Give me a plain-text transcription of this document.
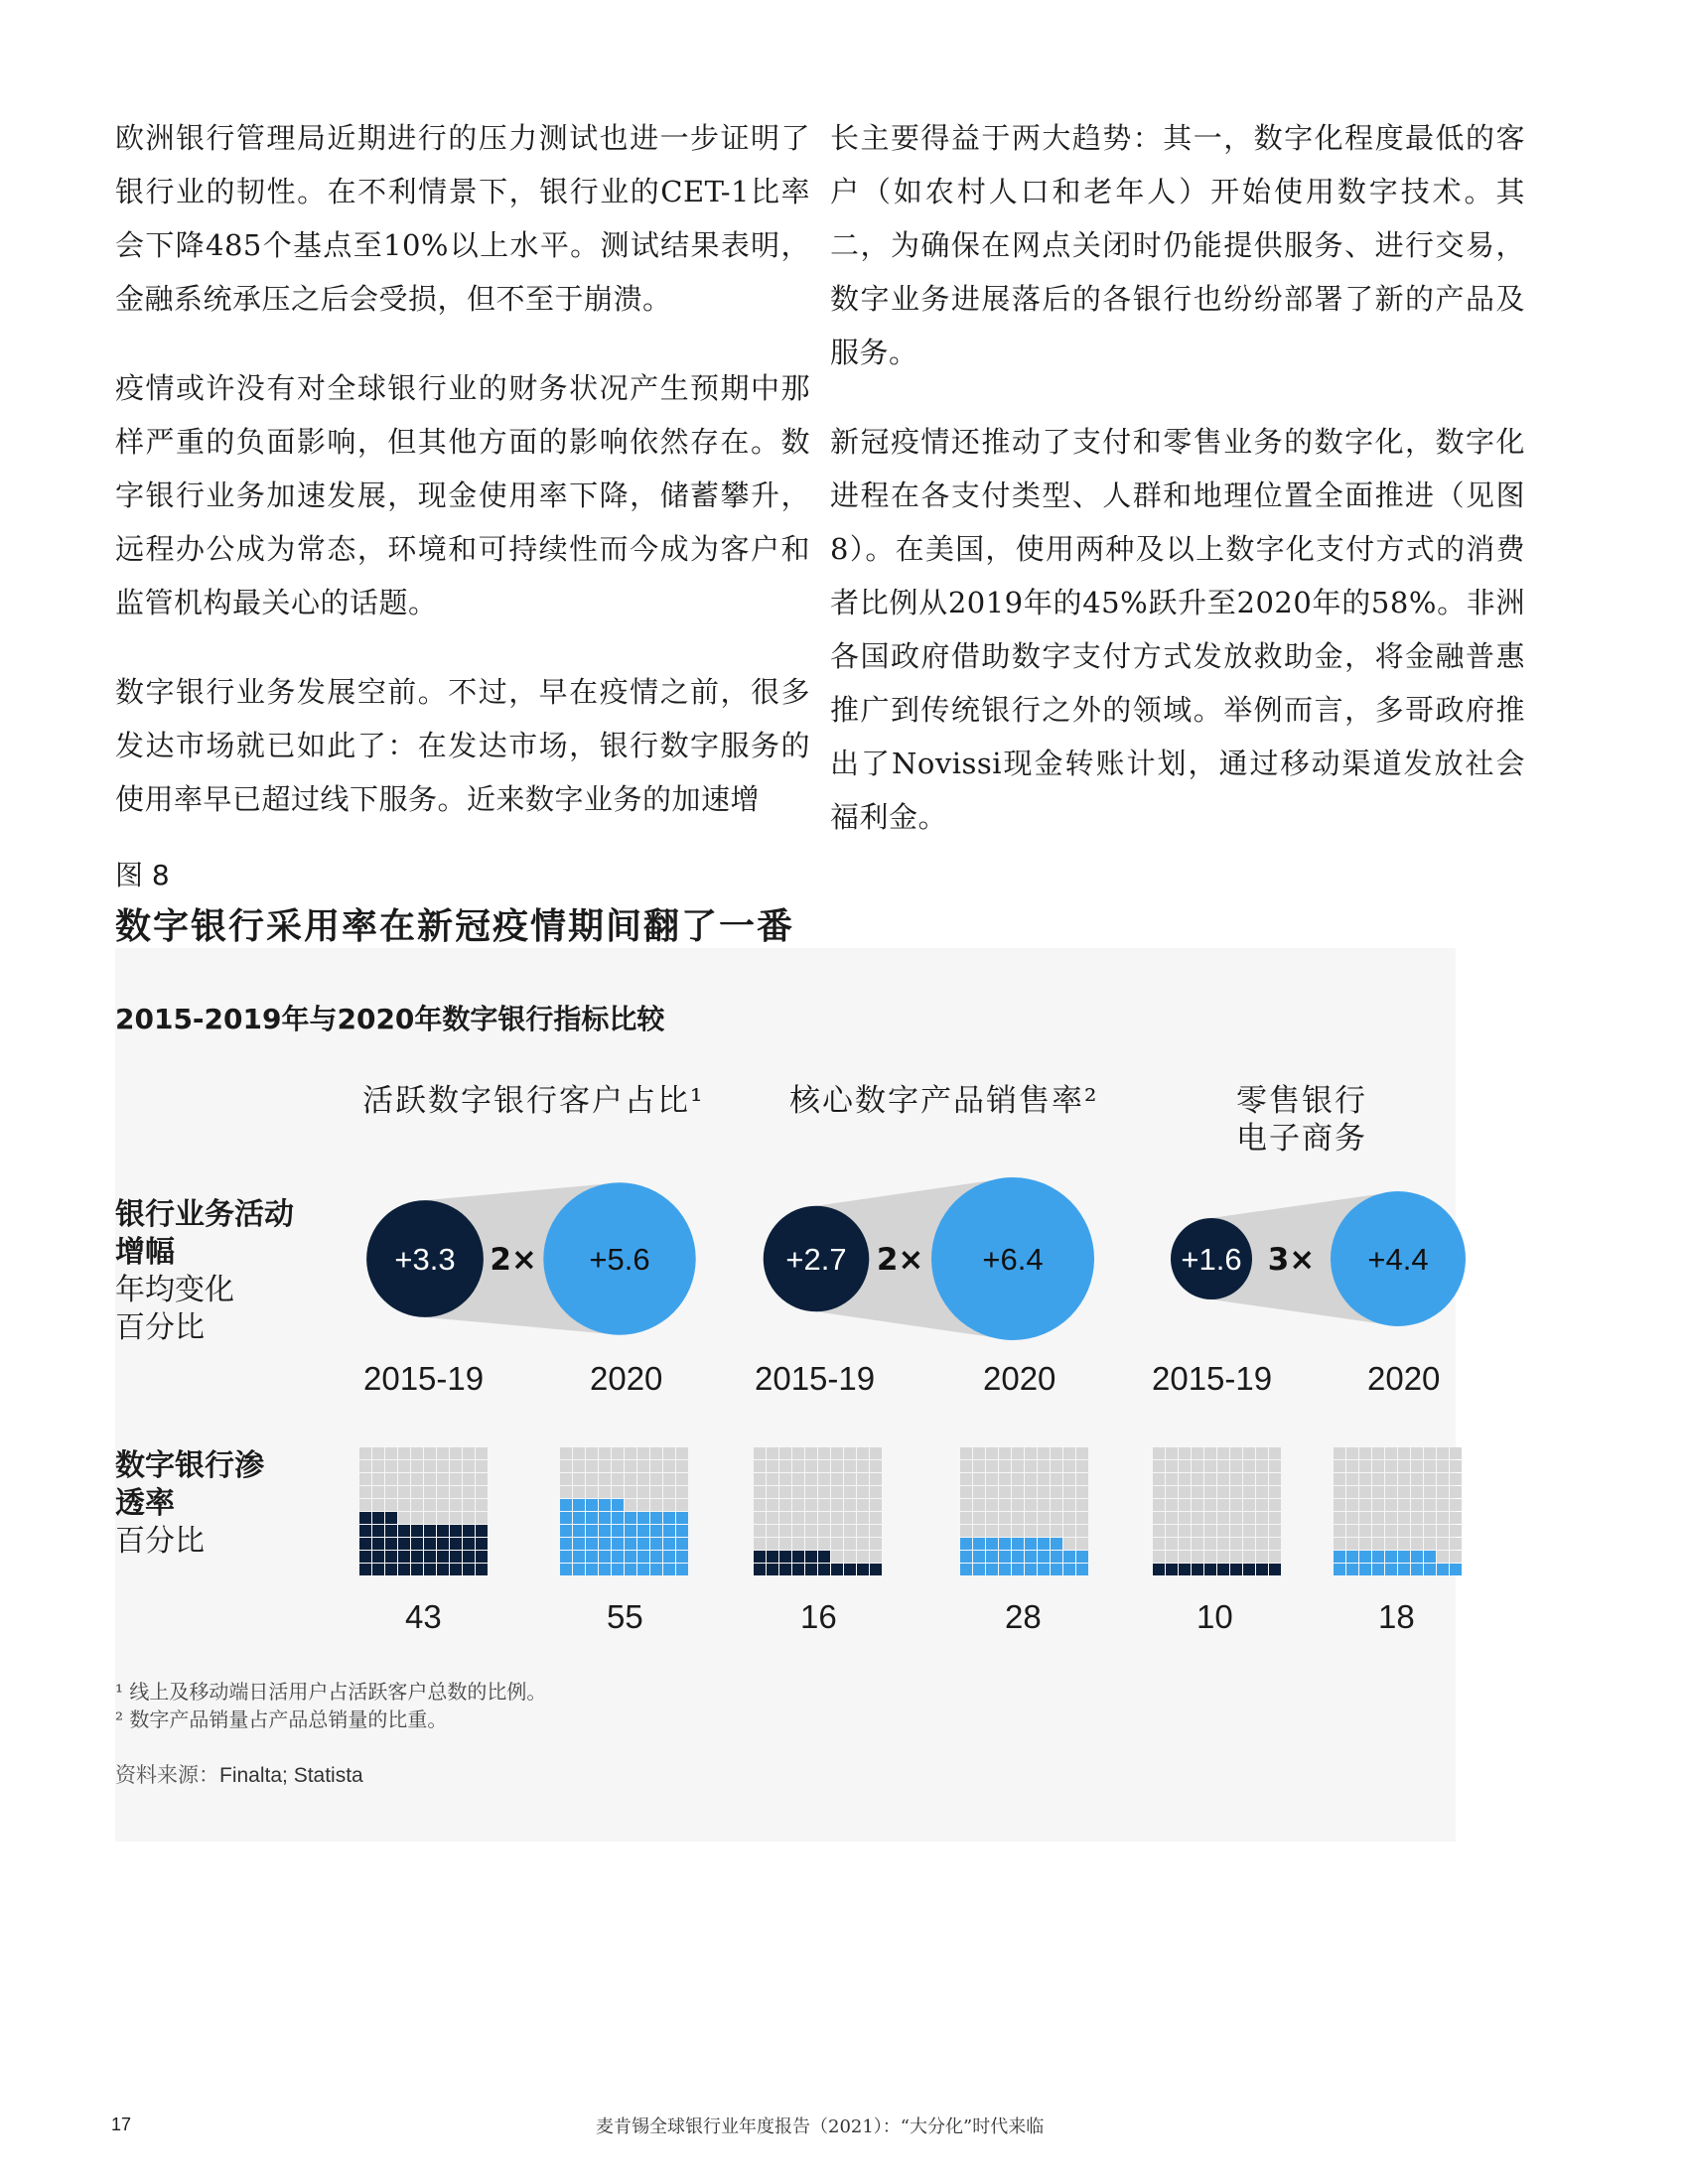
欧洲银行管理局近期进行的压力测试也进一步证明了银行业的韧性。在不利情景下，银行业的CET-1比率会下降485个基点至10%以上水平。测试结果表明，金融系统承压之后会受损，但不至于崩溃。

疫情或许没有对全球银行业的财务状况产生预期中那样严重的负面影响，但其他方面的影响依然存在。数字银行业务加速发展，现金使用率下降，储蓄攀升，远程办公成为常态，环境和可持续性而今成为客户和监管机构最关心的话题。

数字银行业务发展空前。不过，早在疫情之前，很多发达市场就已如此了：在发达市场，银行数字服务的使用率早已超过线下服务。近来数字业务的加速增

长主要得益于两大趋势：其一，数字化程度最低的客户（如农村人口和老年人）开始使用数字技术。其二，为确保在网点关闭时仍能提供服务、进行交易，数字业务进展落后的各银行也纷纷部署了新的产品及服务。

新冠疫情还推动了支付和零售业务的数字化，数字化进程在各支付类型、人群和地理位置全面推进（见图8）。在美国，使用两种及以上数字化支付方式的消费者比例从2019年的45%跃升至2020年的58%。非洲各国政府借助数字支付方式发放救助金，将金融普惠推广到传统银行之外的领域。举例而言，多哥政府推出了Novissi现金转账计划，通过移动渠道发放社会福利金。

图 8
数字银行采用率在新冠疫情期间翻了一番
2015-2019年与2020年数字银行指标比较
活跃数字银行客户占比¹	核心数字产品销售率²	零售银行
电子商务
银行业务活动
增幅
年均变化
百分比
数字银行渗
透率
百分比
+3.3	+5.6
2×	+2.7	+6.4
2×	+1.6	+4.4
3×
2015-19	2020	2015-19	2020	2015-19	2020
43	55	16	28	10	18
¹ 线上及移动端日活用户占活跃客户总数的比例。
² 数字产品销量占产品总销量的比重。
资料来源：Finalta; Statista
17	麦肯锡全球银行业年度报告（2021）：“大分化”时代来临
